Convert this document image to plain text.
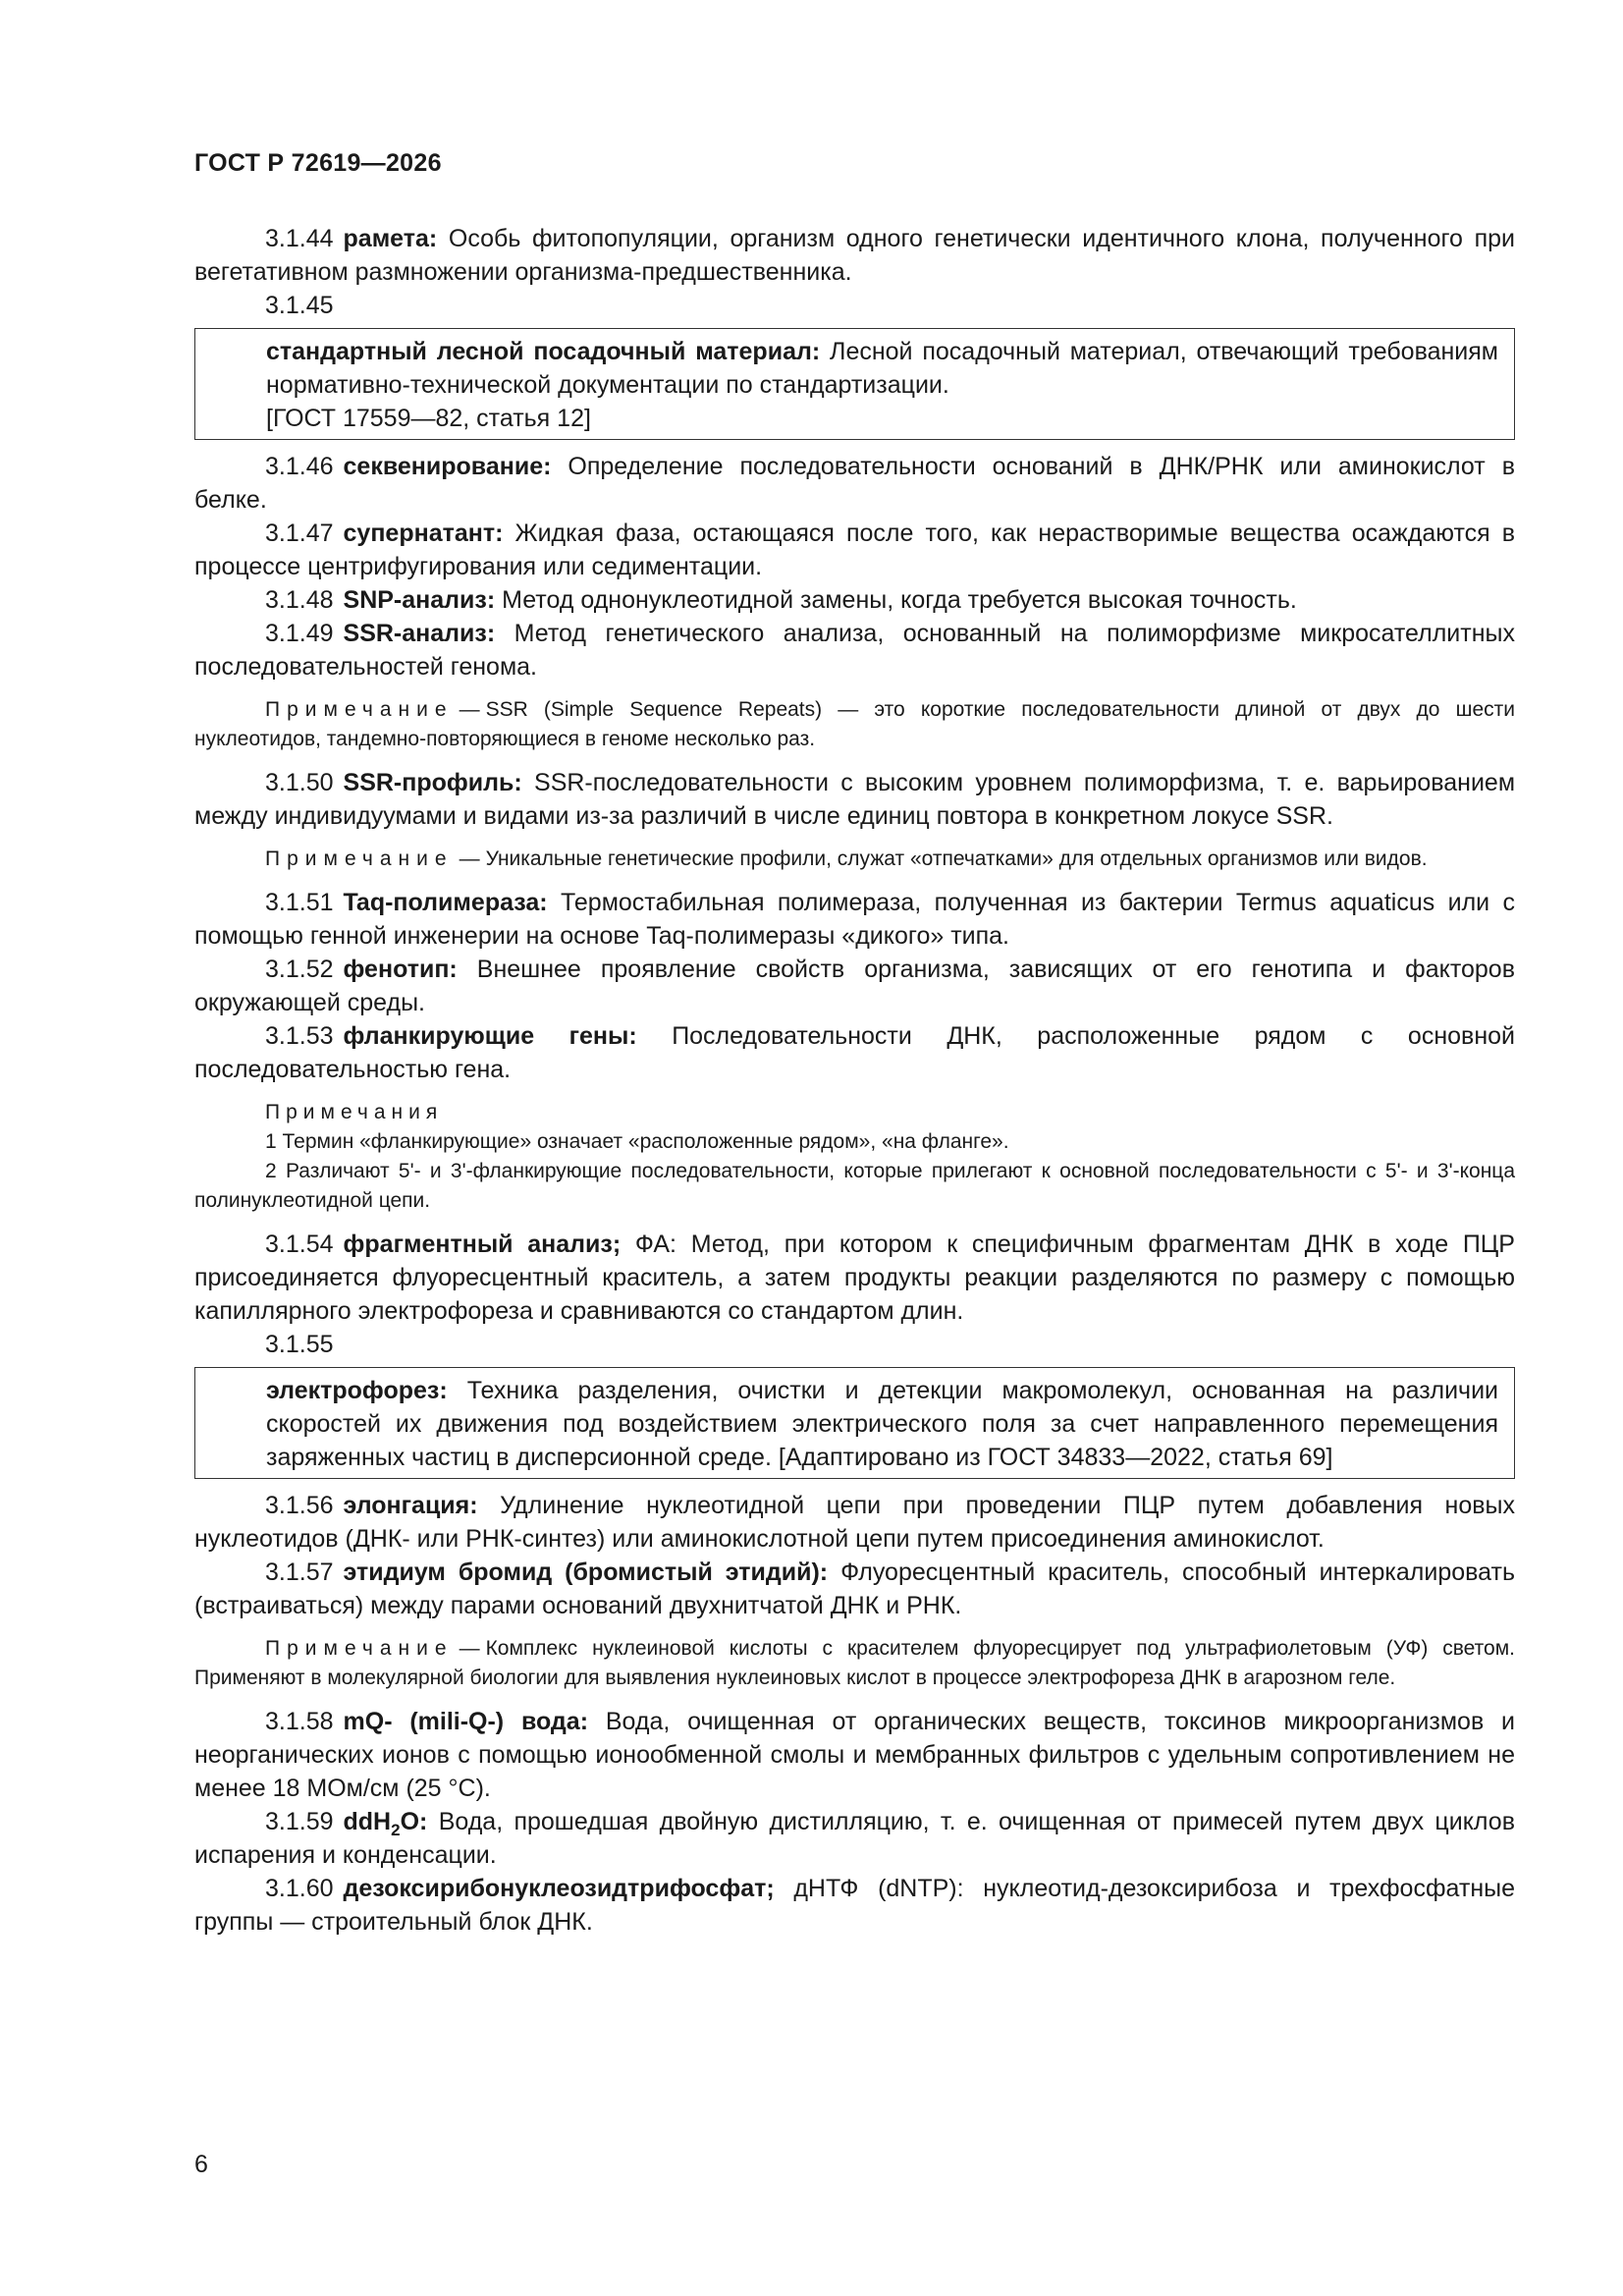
ГОСТ Р 72619—2026

3.1.44 рамета: Особь фитопопуляции, организм одного генетически идентичного клона, полученного при вегетативном размножении организма-предшественника.

3.1.45

стандартный лесной посадочный материал: Лесной посадочный материал, отвечающий требованиям нормативно-технической документации по стандартизации.

[ГОСТ 17559—82, статья 12]

3.1.46 секвенирование: Определение последовательности оснований в ДНК/РНК или аминокислот в белке.

3.1.47 супернатант: Жидкая фаза, остающаяся после того, как нерастворимые вещества осаждаются в процессе центрифугирования или седиментации.

3.1.48 SNP-анализ: Метод однонуклеотидной замены, когда требуется высокая точность.

3.1.49 SSR-анализ: Метод генетического анализа, основанный на полиморфизме микросателлитных последовательностей генома.

Примечание — SSR (Simple Sequence Repeats) — это короткие последовательности длиной от двух до шести нуклеотидов, тандемно-повторяющиеся в геноме несколько раз.

3.1.50 SSR-профиль: SSR-последовательности с высоким уровнем полиморфизма, т. е. варьированием между индивидуумами и видами из-за различий в числе единиц повтора в конкретном локусе SSR.

Примечание — Уникальные генетические профили, служат «отпечатками» для отдельных организмов или видов.

3.1.51 Taq-полимераза: Термостабильная полимераза, полученная из бактерии Termus aquaticus или с помощью генной инженерии на основе Taq-полимеразы «дикого» типа.

3.1.52 фенотип: Внешнее проявление свойств организма, зависящих от его генотипа и факторов окружающей среды.

3.1.53 фланкирующие гены: Последовательности ДНК, расположенные рядом с основной последовательностью гена.

Примечания
1 Термин «фланкирующие» означает «расположенные рядом», «на фланге».
2 Различают 5'- и 3'-фланкирующие последовательности, которые прилегают к основной последовательности с 5'- и 3'-конца полинуклеотидной цепи.

3.1.54 фрагментный анализ; ФА: Метод, при котором к специфичным фрагментам ДНК в ходе ПЦР присоединяется флуоресцентный краситель, а затем продукты реакции разделяются по размеру с помощью капиллярного электрофореза и сравниваются со стандартом длин.

3.1.55

электрофорез: Техника разделения, очистки и детекции макромолекул, основанная на различии скоростей их движения под воздействием электрического поля за счет направленного перемещения заряженных частиц в дисперсионной среде. [Адаптировано из ГОСТ 34833—2022, статья 69]

3.1.56 элонгация: Удлинение нуклеотидной цепи при проведении ПЦР путем добавления новых нуклеотидов (ДНК- или РНК-синтез) или аминокислотной цепи путем присоединения аминокислот.

3.1.57 этидиум бромид (бромистый этидий): Флуоресцентный краситель, способный интеркалировать (встраиваться) между парами оснований двухнитчатой ДНК и РНК.

Примечание — Комплекс нуклеиновой кислоты с красителем флуоресцирует под ультрафиолетовым (УФ) светом. Применяют в молекулярной биологии для выявления нуклеиновых кислот в процессе электрофореза ДНК в агарозном геле.

3.1.58 mQ- (mili-Q-) вода: Вода, очищенная от органических веществ, токсинов микроорганизмов и неорганических ионов с помощью ионообменной смолы и мембранных фильтров с удельным сопротивлением не менее 18 МОм/см (25 °С).

3.1.59 ddH$_2$O: Вода, прошедшая двойную дистилляцию, т. е. очищенная от примесей путем двух циклов испарения и конденсации.

3.1.60 дезоксирибонуклеозидтрифосфат; дНТФ (dNTP): нуклеотид-дезоксирибоза и трехфосфатные группы — строительный блок ДНК.

6
